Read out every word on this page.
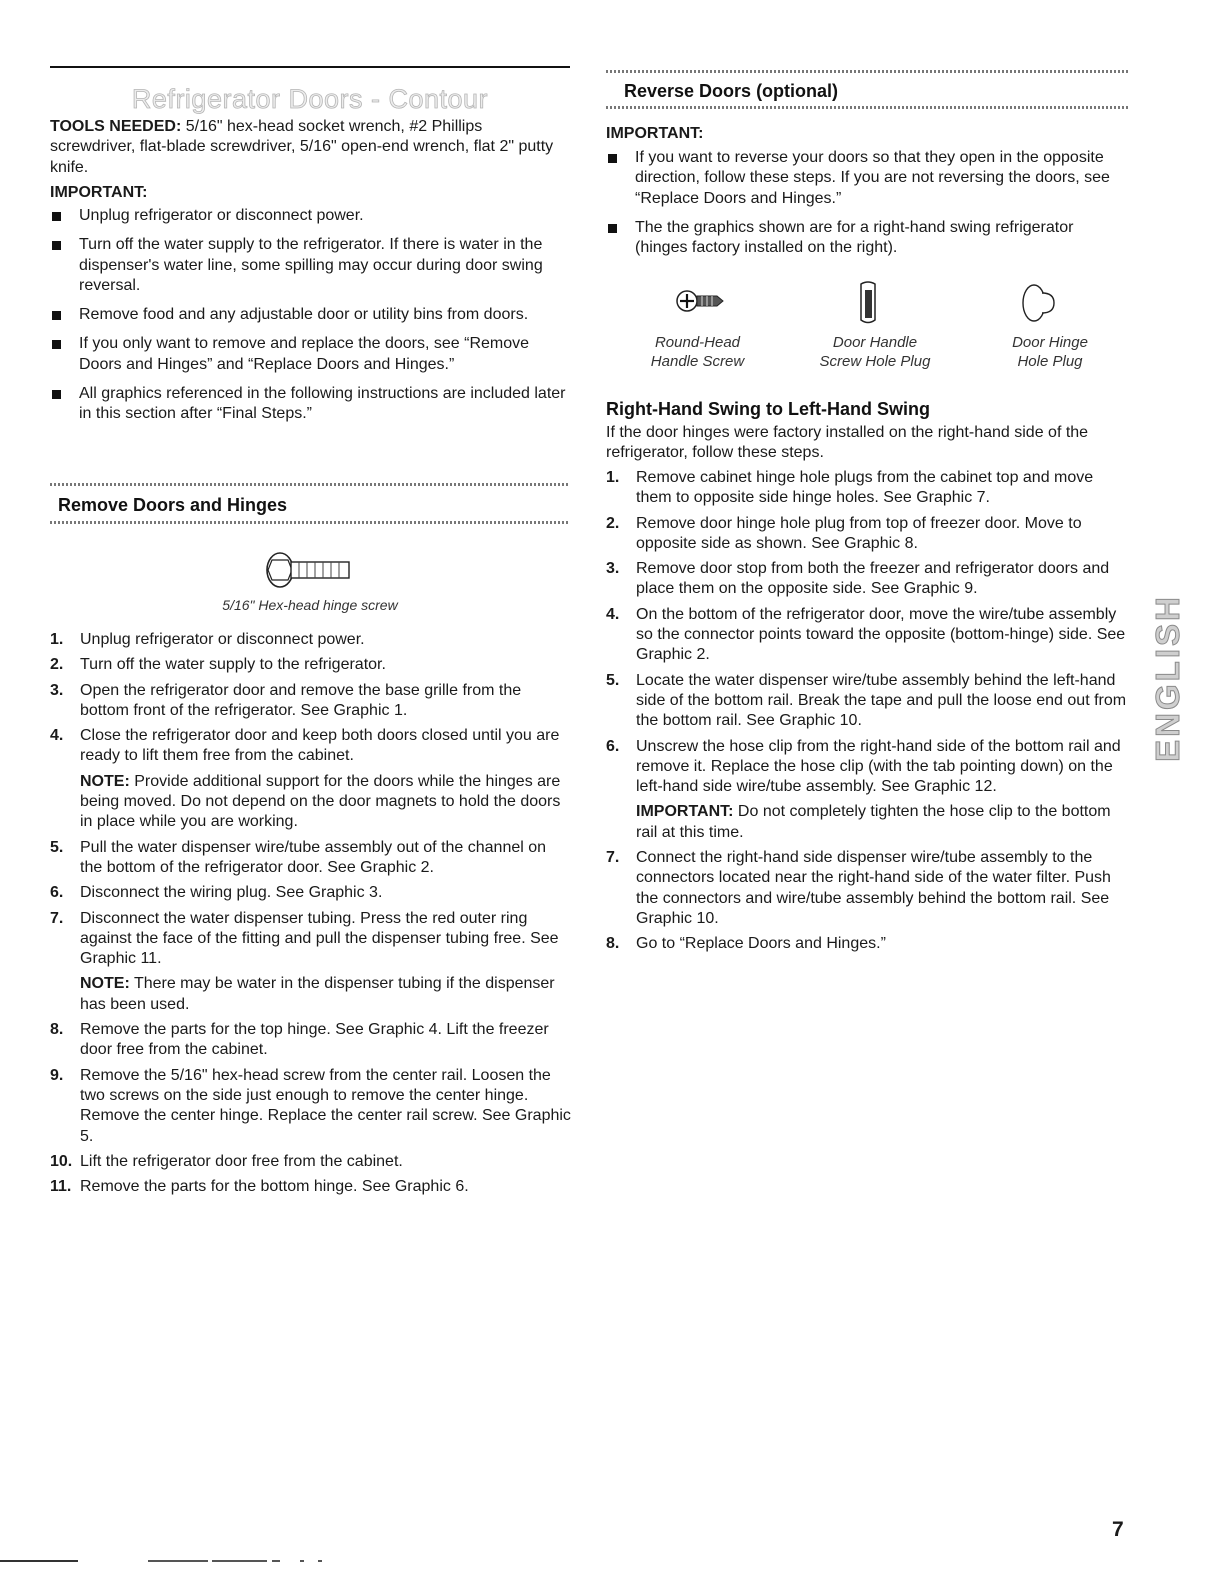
Refrigerator Doors - Contour
TOOLS NEEDED: 5/16" hex-head socket wrench, #2 Phillips screwdriver, flat-blade screwdriver, 5/16" open-end wrench, flat 2" putty knife.
IMPORTANT:
Unplug refrigerator or disconnect power.
Turn off the water supply to the refrigerator. If there is water in the dispenser's water line, some spilling may occur during door swing reversal.
Remove food and any adjustable door or utility bins from doors.
If you only want to remove and replace the doors, see “Remove Doors and Hinges” and “Replace Doors and Hinges.”
All graphics referenced in the following instructions are included later in this section after “Final Steps.”
Remove Doors and Hinges
5/16" Hex-head hinge screw
1. Unplug refrigerator or disconnect power.
2. Turn off the water supply to the refrigerator.
3. Open the refrigerator door and remove the base grille from the bottom front of the refrigerator. See Graphic 1.
4. Close the refrigerator door and keep both doors closed until you are ready to lift them free from the cabinet.
NOTE: Provide additional support for the doors while the hinges are being moved. Do not depend on the door magnets to hold the doors in place while you are working.
5. Pull the water dispenser wire/tube assembly out of the channel on the bottom of the refrigerator door. See Graphic 2.
6. Disconnect the wiring plug. See Graphic 3.
7. Disconnect the water dispenser tubing. Press the red outer ring against the face of the fitting and pull the dispenser tubing free. See Graphic 11.
NOTE: There may be water in the dispenser tubing if the dispenser has been used.
8. Remove the parts for the top hinge. See Graphic 4. Lift the freezer door free from the cabinet.
9. Remove the 5/16" hex-head screw from the center rail. Loosen the two screws on the side just enough to remove the center hinge. Remove the center hinge. Replace the center rail screw. See Graphic 5.
10. Lift the refrigerator door free from the cabinet.
11. Remove the parts for the bottom hinge. See Graphic 6.
Reverse Doors (optional)
IMPORTANT:
If you want to reverse your doors so that they open in the opposite direction, follow these steps. If you are not reversing the doors, see “Replace Doors and Hinges.”
The the graphics shown are for a right-hand swing refrigerator (hinges factory installed on the right).
Round-Head
Handle Screw
Door Handle
Screw Hole Plug
Door Hinge
Hole Plug
Right-Hand Swing to Left-Hand Swing
If the door hinges were factory installed on the right-hand side of the refrigerator, follow these steps.
1. Remove cabinet hinge hole plugs from the cabinet top and move them to opposite side hinge holes. See Graphic 7.
2. Remove door hinge hole plug from top of freezer door. Move to opposite side as shown. See Graphic 8.
3. Remove door stop from both the freezer and refrigerator doors and place them on the opposite side. See Graphic 9.
4. On the bottom of the refrigerator door, move the wire/tube assembly so the connector points toward the opposite (bottom-hinge) side. See Graphic 2.
5. Locate the water dispenser wire/tube assembly behind the left-hand side of the bottom rail. Break the tape and pull the loose end out from the bottom rail. See Graphic 10.
6. Unscrew the hose clip from the right-hand side of the bottom rail and remove it. Replace the hose clip (with the tab pointing down) on the left-hand side wire/tube assembly. See Graphic 12.
IMPORTANT: Do not completely tighten the hose clip to the bottom rail at this time.
7. Connect the right-hand side dispenser wire/tube assembly to the connectors located near the right-hand side of the water filter. Push the connectors and wire/tube assembly behind the bottom rail. See Graphic 10.
8. Go to “Replace Doors and Hinges.”
ENGLISH
7
